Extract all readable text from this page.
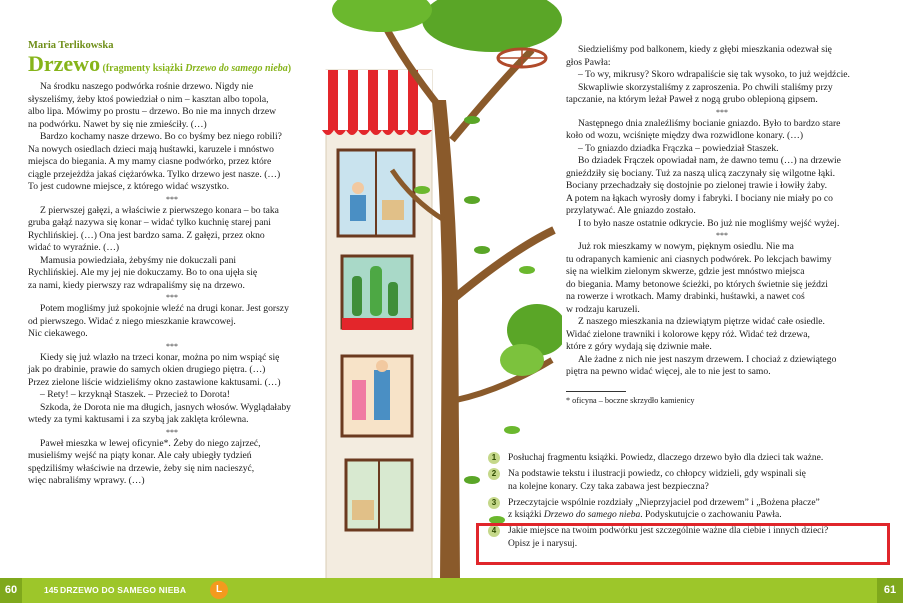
Maria Terlikowska
Drzewo (fragmenty książki Drzewo do samego nieba)

Na środku naszego podwórka rośnie drzewo. Nigdy nie
słyszeliśmy, żeby ktoś powiedział o nim – kasztan albo topola,
albo lipa. Mówimy po prostu – drzewo. Bo nie ma innych drzew
na podwórku. Nawet by się nie zmieściły. (…)

Bardzo kochamy nasze drzewo. Bo co byśmy bez niego robili?
Na nowych osiedlach dzieci mają huśtawki, karuzele i mnóstwo
miejsca do biegania. A my mamy ciasne podwórko, przez które
ciągle przejeżdża jakaś ciężarówka. Tylko drzewo jest nasze. (…)
To jest cudowne miejsce, z którego widać wszystko.

***

Z pierwszej gałęzi, a właściwie z pierwszego konara – bo taka
gruba gałąź nazywa się konar – widać tylko kuchnię starej pani
Rychlińskiej. (…) Ona jest bardzo sama. Z gałęzi, przez okno
widać to wyraźnie. (…)

Mamusia powiedziała, żebyśmy nie dokuczali pani
Rychlińskiej. Ale my jej nie dokuczamy. Bo to ona ujęła się
za nami, kiedy pierwszy raz wdrapaliśmy się na drzewo.

***

Potem mogliśmy już spokojnie wleźć na drugi konar. Jest gorszy
od pierwszego. Widać z niego mieszkanie krawcowej.
Nic ciekawego.

***

Kiedy się już wlazło na trzeci konar, można po nim wspiąć się
jak po drabinie, prawie do samych okien drugiego piętra. (…)
Przez zielone liście widzieliśmy okno zastawione kaktusami. (…)

– Rety! – krzyknął Staszek. – Przecież to Dorota!

Szkoda, że Dorota nie ma długich, jasnych włosów. Wyglądałaby
wtedy za tymi kaktusami i za szybą jak zaklęta królewna.

***

Paweł mieszka w lewej oficynie*. Żeby do niego zajrzeć,
musieliśmy wejść na piąty konar. Ale cały ubiegły tydzień
spędziliśmy właściwie na drzewie, żeby się nim nacieszyć,
więc nabraliśmy wprawy. (…)

Siedzieliśmy pod balkonem, kiedy z głębi mieszkania odezwał się
głos Pawła:

– To wy, mikrusy? Skoro wdrapaliście się tak wysoko, to już wejdźcie.

Skwapliwie skorzystaliśmy z zaproszenia. Po chwili staliśmy przy
tapczanie, na którym leżał Paweł z nogą grubo oblepioną gipsem.

***

Następnego dnia znaleźliśmy bocianie gniazdo. Było to bardzo stare
koło od wozu, wciśnięte między dwa rozwidlone konary. (…)

– To gniazdo dziadka Frączka – powiedział Staszek.

Bo dziadek Frączek opowiadał nam, że dawno temu (…) na drzewie
gnieździły się bociany. Tuż za naszą ulicą zaczynały się wilgotne łąki.
Bociany przechadzały się dostojnie po zielonej trawie i łowiły żaby.
A potem na łąkach wyrosły domy i fabryki. I bociany nie miały po co
przylatywać. Ale gniazdo zostało.

I to było nasze ostatnie odkrycie. Bo już nie mogliśmy wejść wyżej.

***

Już rok mieszkamy w nowym, pięknym osiedlu. Nie ma
tu odrapanych kamienic ani ciasnych podwórek. Po lekcjach bawimy
się na wielkim zielonym skwerze, gdzie jest mnóstwo miejsca
do biegania. Mamy betonowe ścieżki, po których świetnie się jeździ
na rowerze i wrotkach. Mamy drabinki, huśtawki, a nawet coś
w rodzaju karuzeli.

Z naszego mieszkania na dziewiątym piętrze widać całe osiedle.
Widać zielone trawniki i kolorowe kępy róż. Widać też drzewa,
które z góry wydają się dziwnie małe.

Ale żadne z nich nie jest naszym drzewem. I chociaż z dziewiątego
piętra na pewno widać więcej, ale to nie jest to samo.

* oficyna – boczne skrzydło kamienicy
1	Posłuchaj fragmentu książki. Powiedz, dlaczego drzewo było dla dzieci tak ważne.
2	Na podstawie tekstu i ilustracji powiedz, co chłopcy widzieli, gdy wspinali się
na kolejne konary. Czy taka zabawa jest bezpieczna?
3	Przeczytajcie wspólnie rozdziały „Nieprzyjaciel pod drzewem” i „Bożena płacze”
z książki Drzewo do samego nieba. Podyskutujcie o zachowaniu Pawła.
4	Jakie miejsce na twoim podwórku jest szczególnie ważne dla ciebie i innych dzieci?
Opisz je i narysuj.
60	145 DRZEWO DO SAMEGO NIEBA	L	61
